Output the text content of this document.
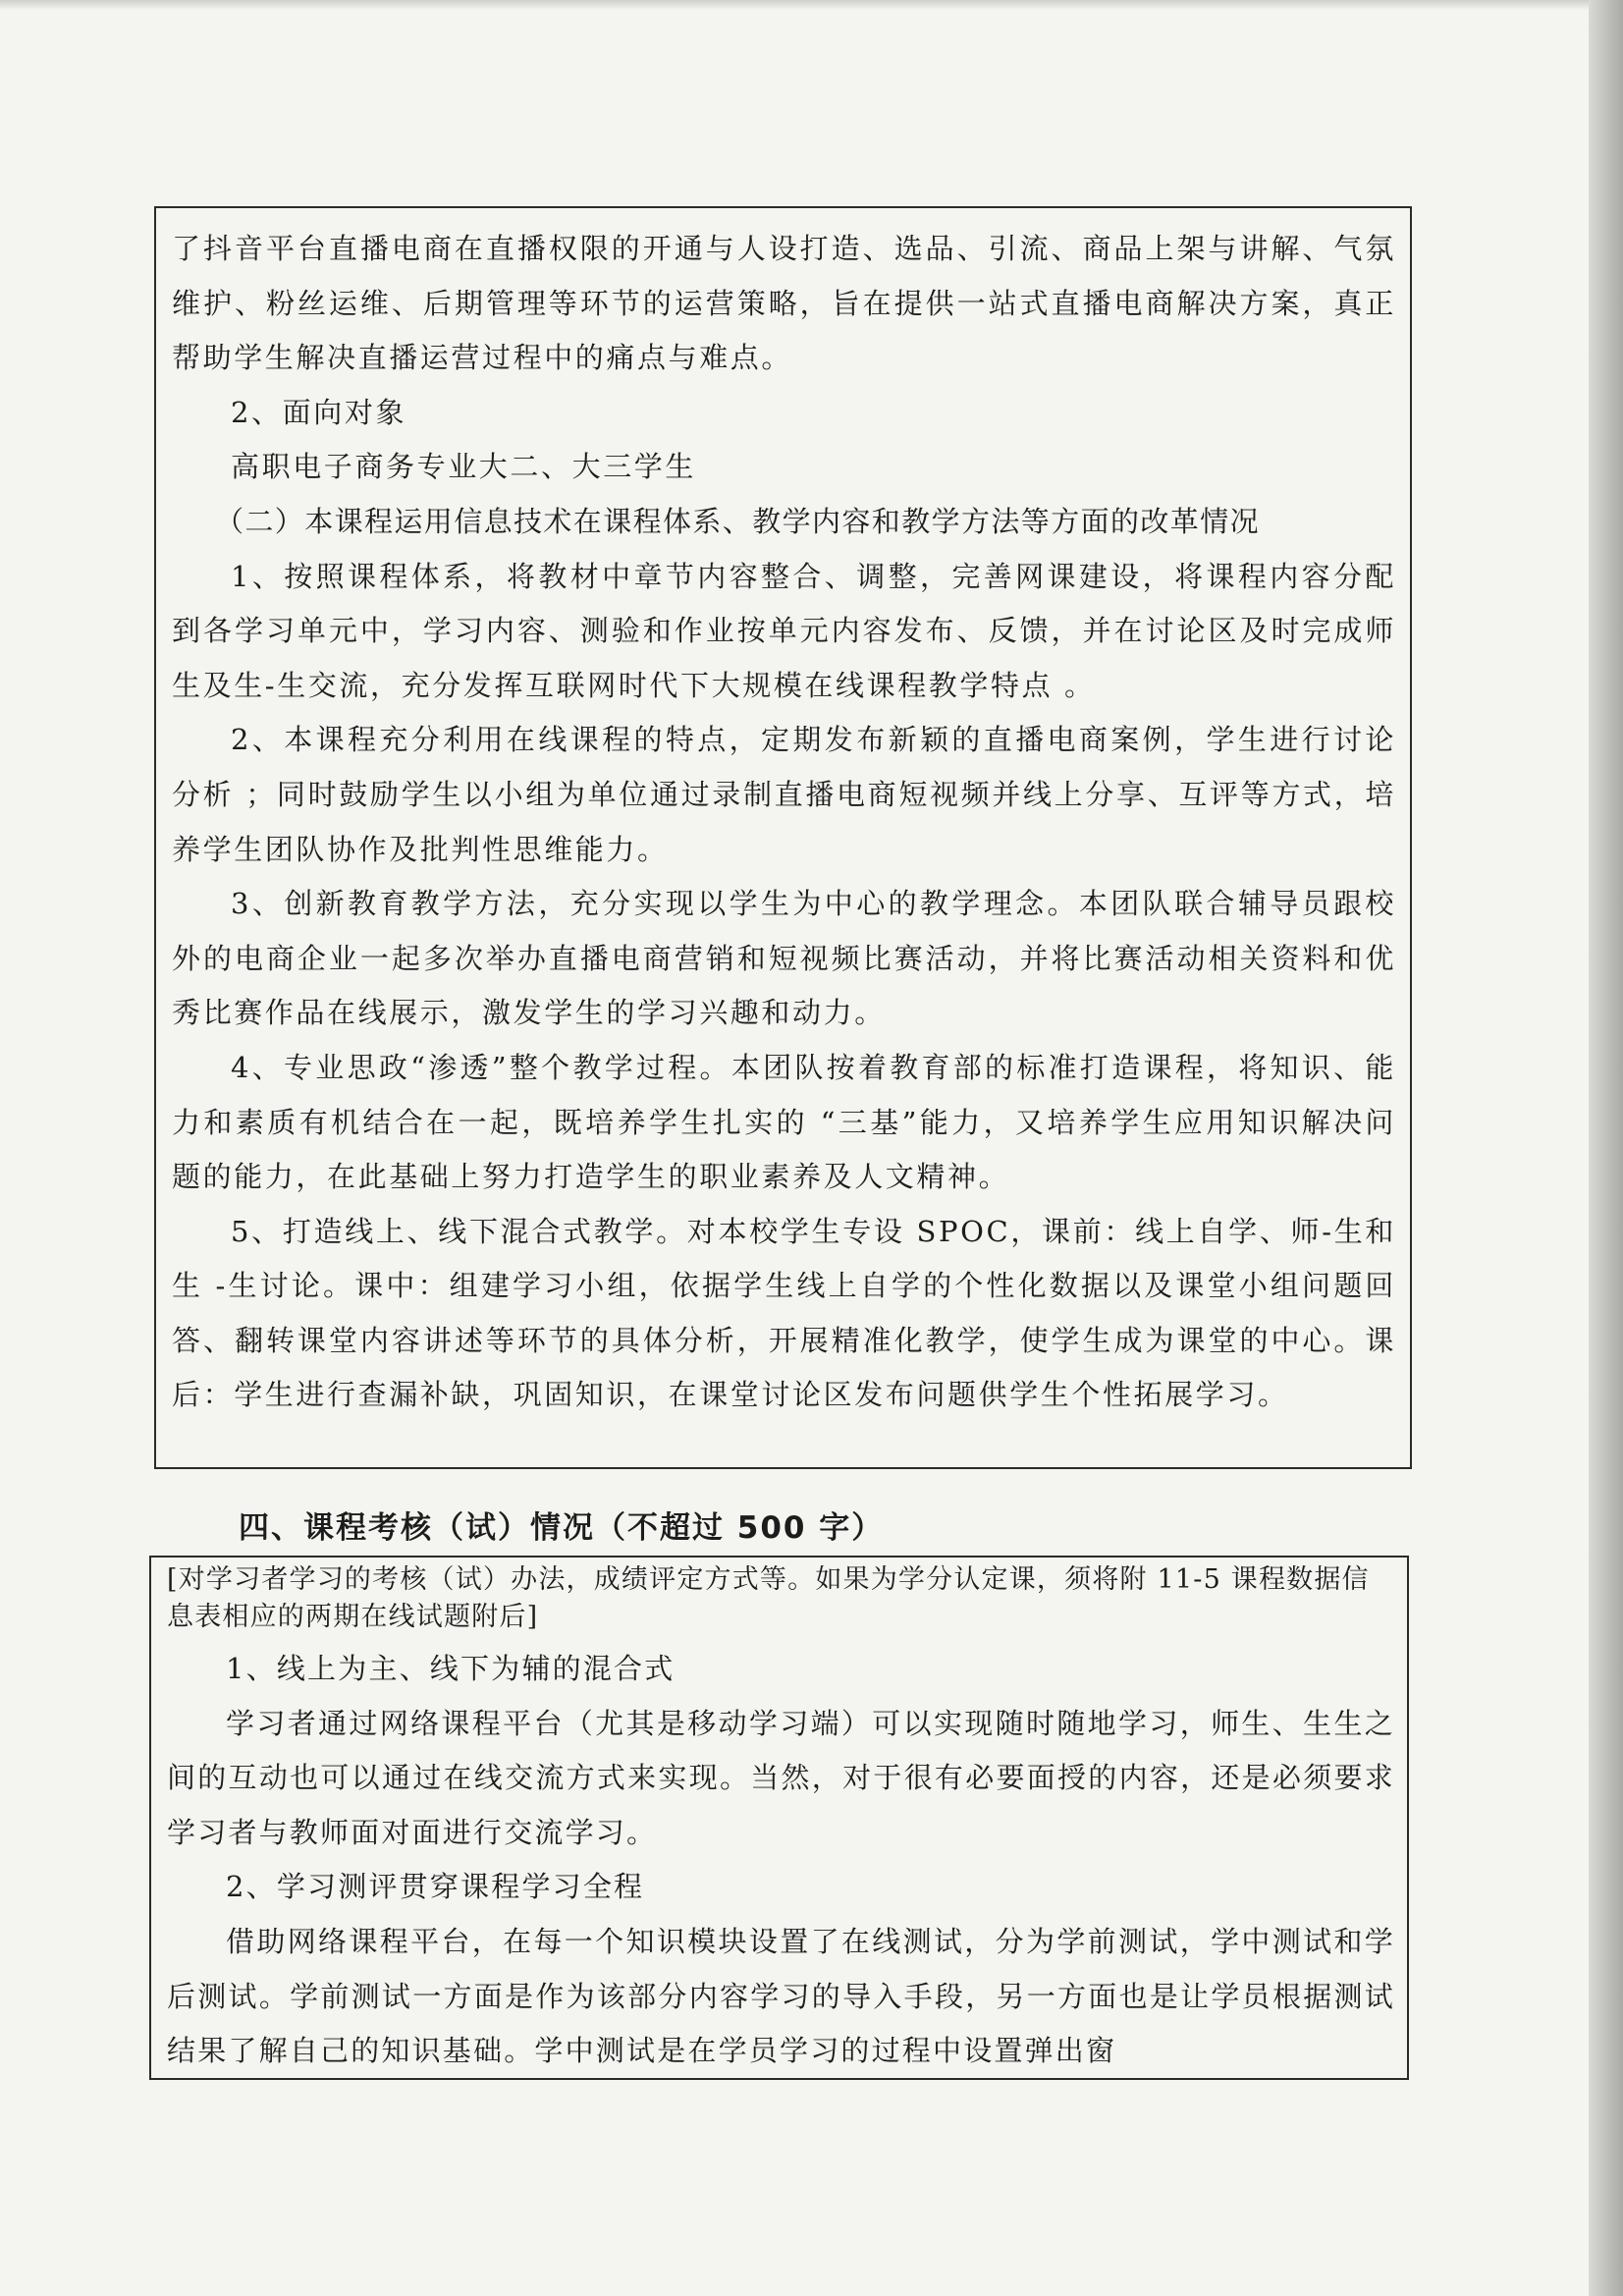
了抖音平台直播电商在直播权限的开通与人设打造、选品、引流、商品上架与讲解、气氛维护、粉丝运维、后期管理等环节的运营策略，旨在提供一站式直播电商解决方案，真正帮助学生解决直播运营过程中的痛点与难点。

2、面向对象

高职电子商务专业大二、大三学生

（二）本课程运用信息技术在课程体系、教学内容和教学方法等方面的改革情况

1、按照课程体系，将教材中章节内容整合、调整，完善网课建设，将课程内容分配 到各学习单元中，学习内容、测验和作业按单元内容发布、反馈，并在讨论区及时完成师生及生-生交流，充分发挥互联网时代下大规模在线课程教学特点 。

2、本课程充分利用在线课程的特点，定期发布新颖的直播电商案例，学生进行讨论分析 ；同时鼓励学生以小组为单位通过录制直播电商短视频并线上分享、互评等方式，培养学生团队协作及批判性思维能力。

3、创新教育教学方法，充分实现以学生为中心的教学理念。本团队联合辅导员跟校外的电商企业一起多次举办直播电商营销和短视频比赛活动，并将比赛活动相关资料和优秀比赛作品在线展示，激发学生的学习兴趣和动力。

4、专业思政“渗透”整个教学过程。本团队按着教育部的标准打造课程，将知识、能力和素质有机结合在一起，既培养学生扎实的 “三基”能力，又培养学生应用知识解决问题的能力，在此基础上努力打造学生的职业素养及人文精神。

5、打造线上、线下混合式教学。对本校学生专设 SPOC，课前：线上自学、师-生和生 -生讨论。课中：组建学习小组，依据学生线上自学的个性化数据以及课堂小组问题回答、翻转课堂内容讲述等环节的具体分析，开展精准化教学，使学生成为课堂的中心。课后：学生进行查漏补缺，巩固知识，在课堂讨论区发布问题供学生个性拓展学习。

四、课程考核（试）情况（不超过 500 字）

[对学习者学习的考核（试）办法，成绩评定方式等。如果为学分认定课，须将附 11-5 课程数据信息表相应的两期在线试题附后]

1、线上为主、线下为辅的混合式

学习者通过网络课程平台（尤其是移动学习端）可以实现随时随地学习，师生、生生之间的互动也可以通过在线交流方式来实现。当然，对于很有必要面授的内容，还是必须要求学习者与教师面对面进行交流学习。

2、学习测评贯穿课程学习全程

借助网络课程平台，在每一个知识模块设置了在线测试，分为学前测试，学中测试和学后测试。学前测试一方面是作为该部分内容学习的导入手段，另一方面也是让学员根据测试结果了解自己的知识基础。学中测试是在学员学习的过程中设置弹出窗
